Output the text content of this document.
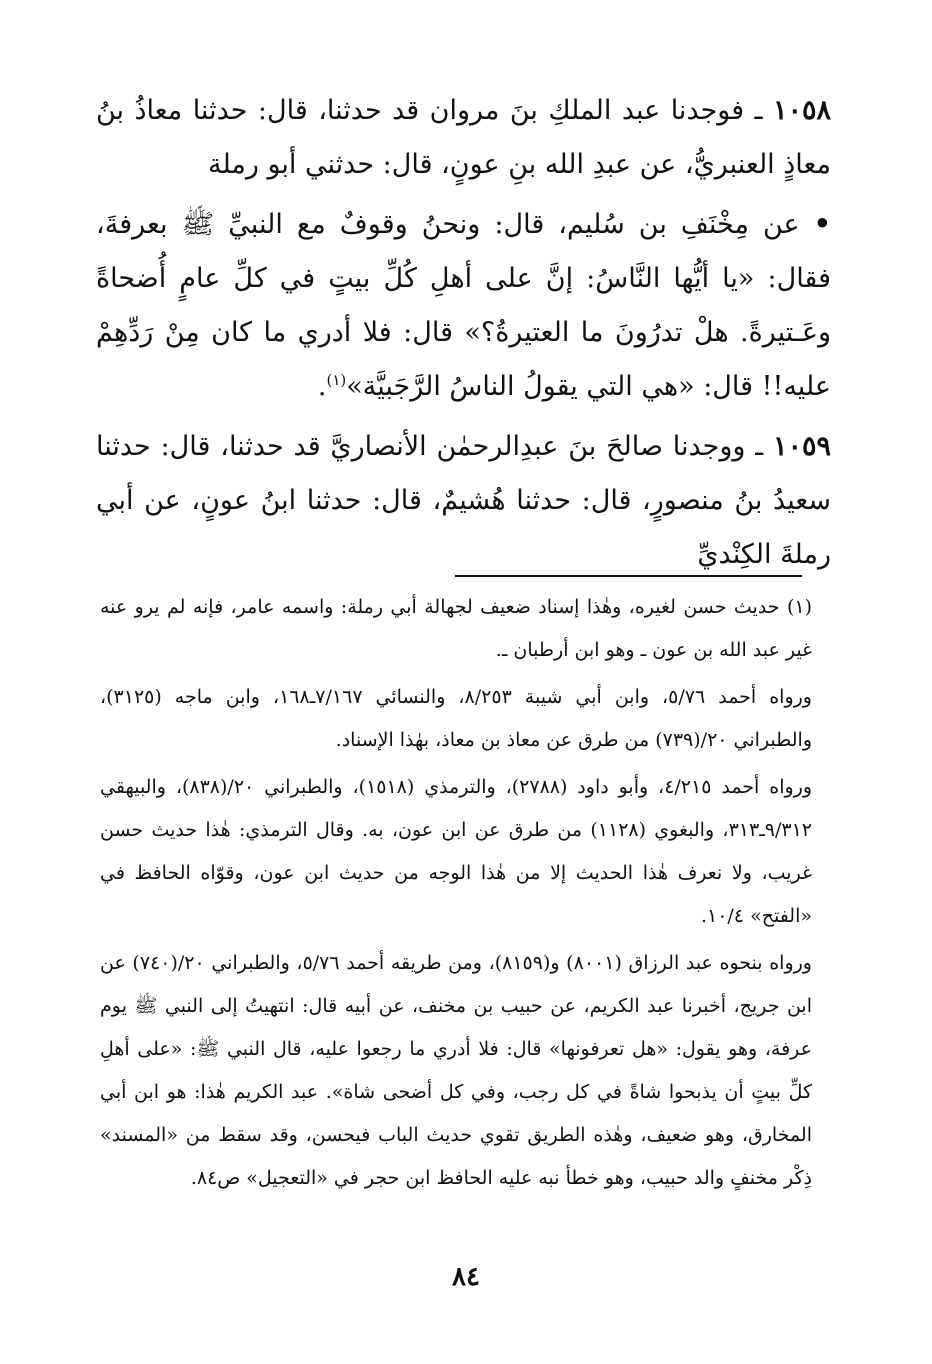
١٠٥٨ ـ فوجدنا عبد الملكِ بنَ مروان قد حدثنا، قال: حدثنا معاذُ بنُ معاذٍ العنبريُّ، عن عبدِ الله بنِ عونٍ، قال: حدثني أبو رملة

• عن مِخْنَفِ بن سُليم، قال: ونحنُ وقوفٌ مع النبيِّ ﷺ بعرفةَ، فقال: «يا أيُّها النَّاسُ: إنَّ على أهلِ كُلِّ بيتٍ في كلِّ عامٍ أُضحاةً وعَـتيرةً. هلْ تدرُونَ ما العتيرةُ؟» قال: فلا أدري ما كان مِنْ رَدِّهِمْ عليه!! قال: «هي التي يقولُ الناسُ الرَّجَبيَّة»$^{(١)}$.

١٠٥٩ ـ ووجدنا صالحَ بنَ عبدِالرحمٰن الأنصاريَّ قد حدثنا، قال: حدثنا سعيدُ بنُ منصورٍ، قال: حدثنا هُشيمٌ، قال: حدثنا ابنُ عونٍ، عن أبي رملةَ الكِنْديِّ

(١) حديث حسن لغيره، وهٰذا إسناد ضعيف لجهالة أبي رملة: واسمه عامر، فإنه لم يرو عنه غير عبد الله بن عون ـ وهو ابن أرطبان ـ.

ورواه أحمد ٥/٧٦، وابن أبي شيبة ٨/٢٥٣، والنسائي ٧/١٦٧ـ١٦٨، وابن ماجه (٣١٢٥)، والطبراني ٢٠/(٧٣٩) من طرق عن معاذ بن معاذ، بهٰذا الإسناد.

ورواه أحمد ٤/٢١٥، وأبو داود (٢٧٨٨)، والترمذي (١٥١٨)، والطبراني ٢٠/(٨٣٨)، والبيهقي ٩/٣١٢ـ٣١٣، والبغوي (١١٢٨) من طرق عن ابن عون، به. وقال الترمذي: هٰذا حديث حسن غريب، ولا نعرف هٰذا الحديث إلا من هٰذا الوجه من حديث ابن عون، وقوّاه الحافظ في «الفتح» ١٠/٤.

ورواه بنحوه عبد الرزاق (٨٠٠١) و(٨١٥٩)، ومن طريقه أحمد ٥/٧٦، والطبراني ٢٠/(٧٤٠) عن ابن جريج، أخبرنا عبد الكريم، عن حبيب بن مخنف، عن أبيه قال: انتهيتُ إلى النبي ﷺ يوم عرفة، وهو يقول: «هل تعرفونها» قال: فلا أدري ما رجعوا عليه، قال النبي ﷺ: «على أهلِ كلِّ بيتٍ أن يذبحوا شاةً في كل رجب، وفي كل أضحى شاة». عبد الكريم هٰذا: هو ابن أبي المخارق، وهو ضعيف، وهٰذه الطريق تقوي حديث الباب فيحسن، وقد سقط من «المسند» ذِكْر مخنفٍ والد حبيب، وهو خطأ نبه عليه الحافظ ابن حجر في «التعجيل» ص٨٤.

٨٤
